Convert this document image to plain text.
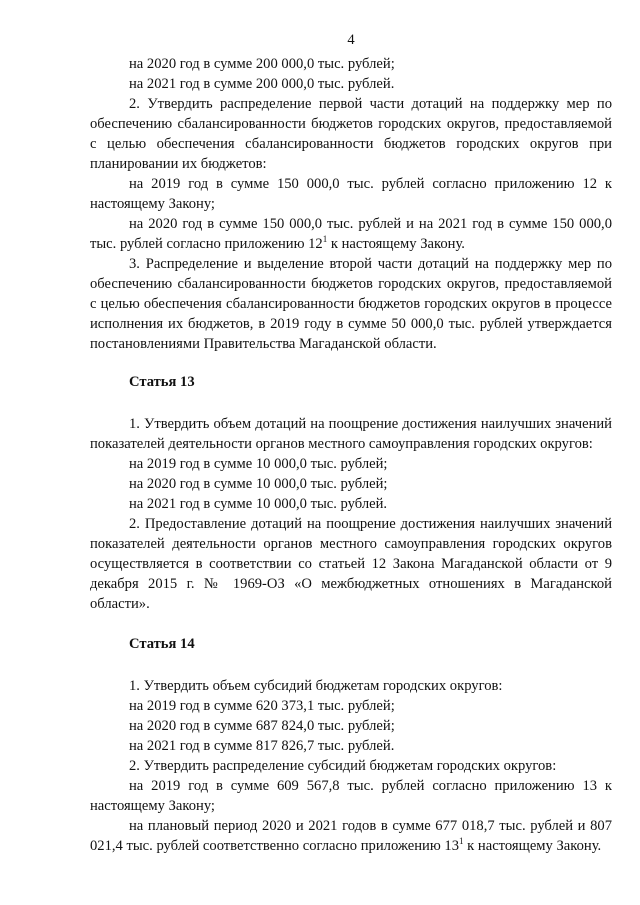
4

на 2020 год в сумме 200 000,0 тыс. рублей;

на 2021 год в сумме 200 000,0 тыс. рублей.

2. Утвердить распределение первой части дотаций на поддержку мер по обеспечению сбалансированности бюджетов городских округов, предоставляемой с целью обеспечения сбалансированности бюджетов городских округов при планировании их бюджетов:

на 2019 год в сумме 150 000,0 тыс. рублей согласно приложению 12 к настоящему Закону;

на 2020 год в сумме 150 000,0 тыс. рублей и на 2021 год в сумме 150 000,0 тыс. рублей согласно приложению $12^1$ к настоящему Закону.

3. Распределение и выделение второй части дотаций на поддержку мер по обеспечению сбалансированности бюджетов городских округов, предоставляемой с целью обеспечения сбалансированности бюджетов городских округов в процессе исполнения их бюджетов, в 2019 году в сумме 50 000,0 тыс. рублей утверждается постановлениями Правительства Магаданской области.

Статья 13

1. Утвердить объем дотаций на поощрение достижения наилучших значений показателей деятельности органов местного самоуправления городских округов:

на 2019 год в сумме 10 000,0 тыс. рублей;

на 2020 год в сумме 10 000,0 тыс. рублей;

на 2021 год в сумме 10 000,0 тыс. рублей.

2. Предоставление дотаций на поощрение достижения наилучших значений показателей деятельности органов местного самоуправления городских округов осуществляется в соответствии со статьей 12 Закона Магаданской области от 9 декабря 2015 г. № 1969-ОЗ «О межбюджетных отношениях в Магаданской области».

Статья 14

1. Утвердить объем субсидий бюджетам городских округов:

на 2019 год в сумме 620 373,1 тыс. рублей;

на 2020 год в сумме 687 824,0 тыс. рублей;

на 2021 год в сумме 817 826,7 тыс. рублей.

2. Утвердить распределение субсидий бюджетам городских округов:

на 2019 год в сумме 609 567,8 тыс. рублей согласно приложению 13 к настоящему Закону;

на плановый период 2020 и 2021 годов в сумме 677 018,7 тыс. рублей и 807 021,4 тыс. рублей соответственно согласно приложению $13^1$ к настоящему Закону.
